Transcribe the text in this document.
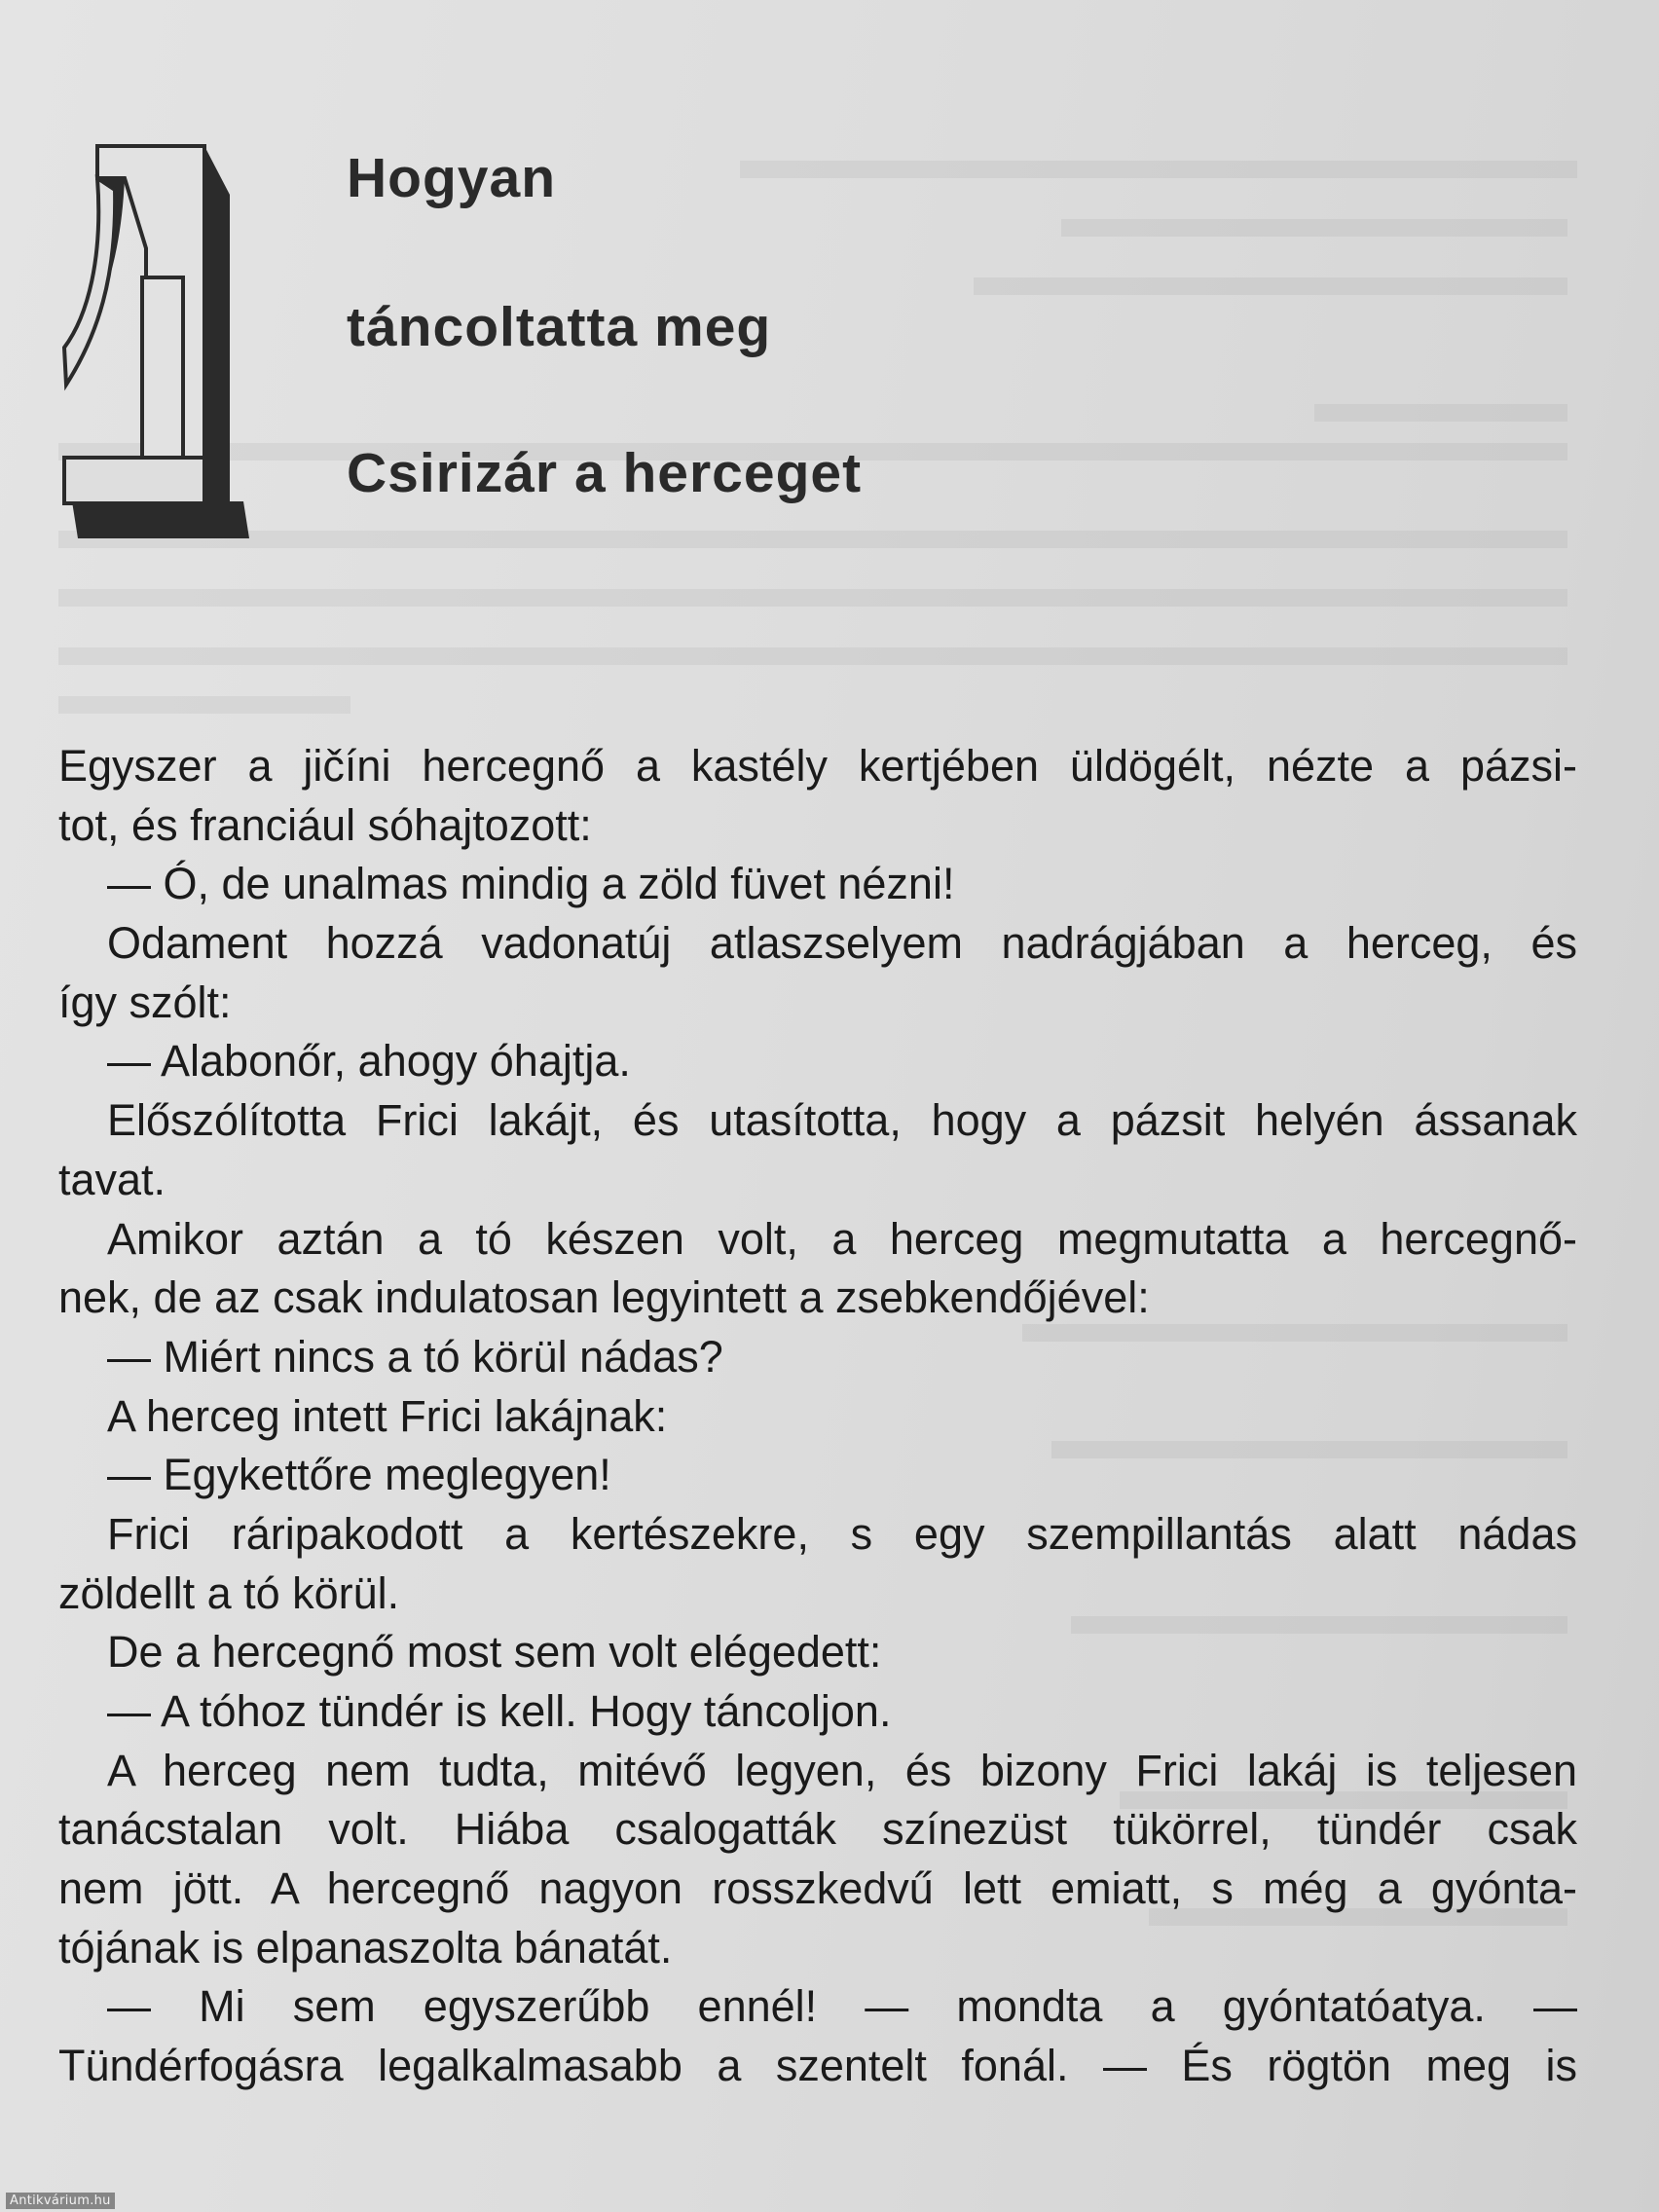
Hogyan
táncoltatta meg
Csirizár a herceget
Egyszer a jičíni hercegnő a kastély kertjében üldögélt, nézte a pázsi-
tot, és franciául sóhajtozott:
— Ó, de unalmas mindig a zöld füvet nézni!
Odament hozzá vadonatúj atlaszselyem nadrágjában a herceg, és
így szólt:
— Alabonőr, ahogy óhajtja.
Előszólította Frici lakájt, és utasította, hogy a pázsit helyén ássanak
tavat.
Amikor aztán a tó készen volt, a herceg megmutatta a hercegnő-
nek, de az csak indulatosan legyintett a zsebkendőjével:
— Miért nincs a tó körül nádas?
A herceg intett Frici lakájnak:
— Egykettőre meglegyen!
Frici ráripakodott a kertészekre, s egy szempillantás alatt nádas
zöldellt a tó körül.
De a hercegnő most sem volt elégedett:
— A tóhoz tündér is kell. Hogy táncoljon.
A herceg nem tudta, mitévő legyen, és bizony Frici lakáj is teljesen
tanácstalan volt. Hiába csalogatták színezüst tükörrel, tündér csak
nem jött. A hercegnő nagyon rosszkedvű lett emiatt, s még a gyónta-
tójának is elpanaszolta bánatát.
— Mi sem egyszerűbb ennél! — mondta a gyóntatóatya. —
Tündérfogásra legalkalmasabb a szentelt fonál. — És rögtön meg is
Antikvárium.hu
